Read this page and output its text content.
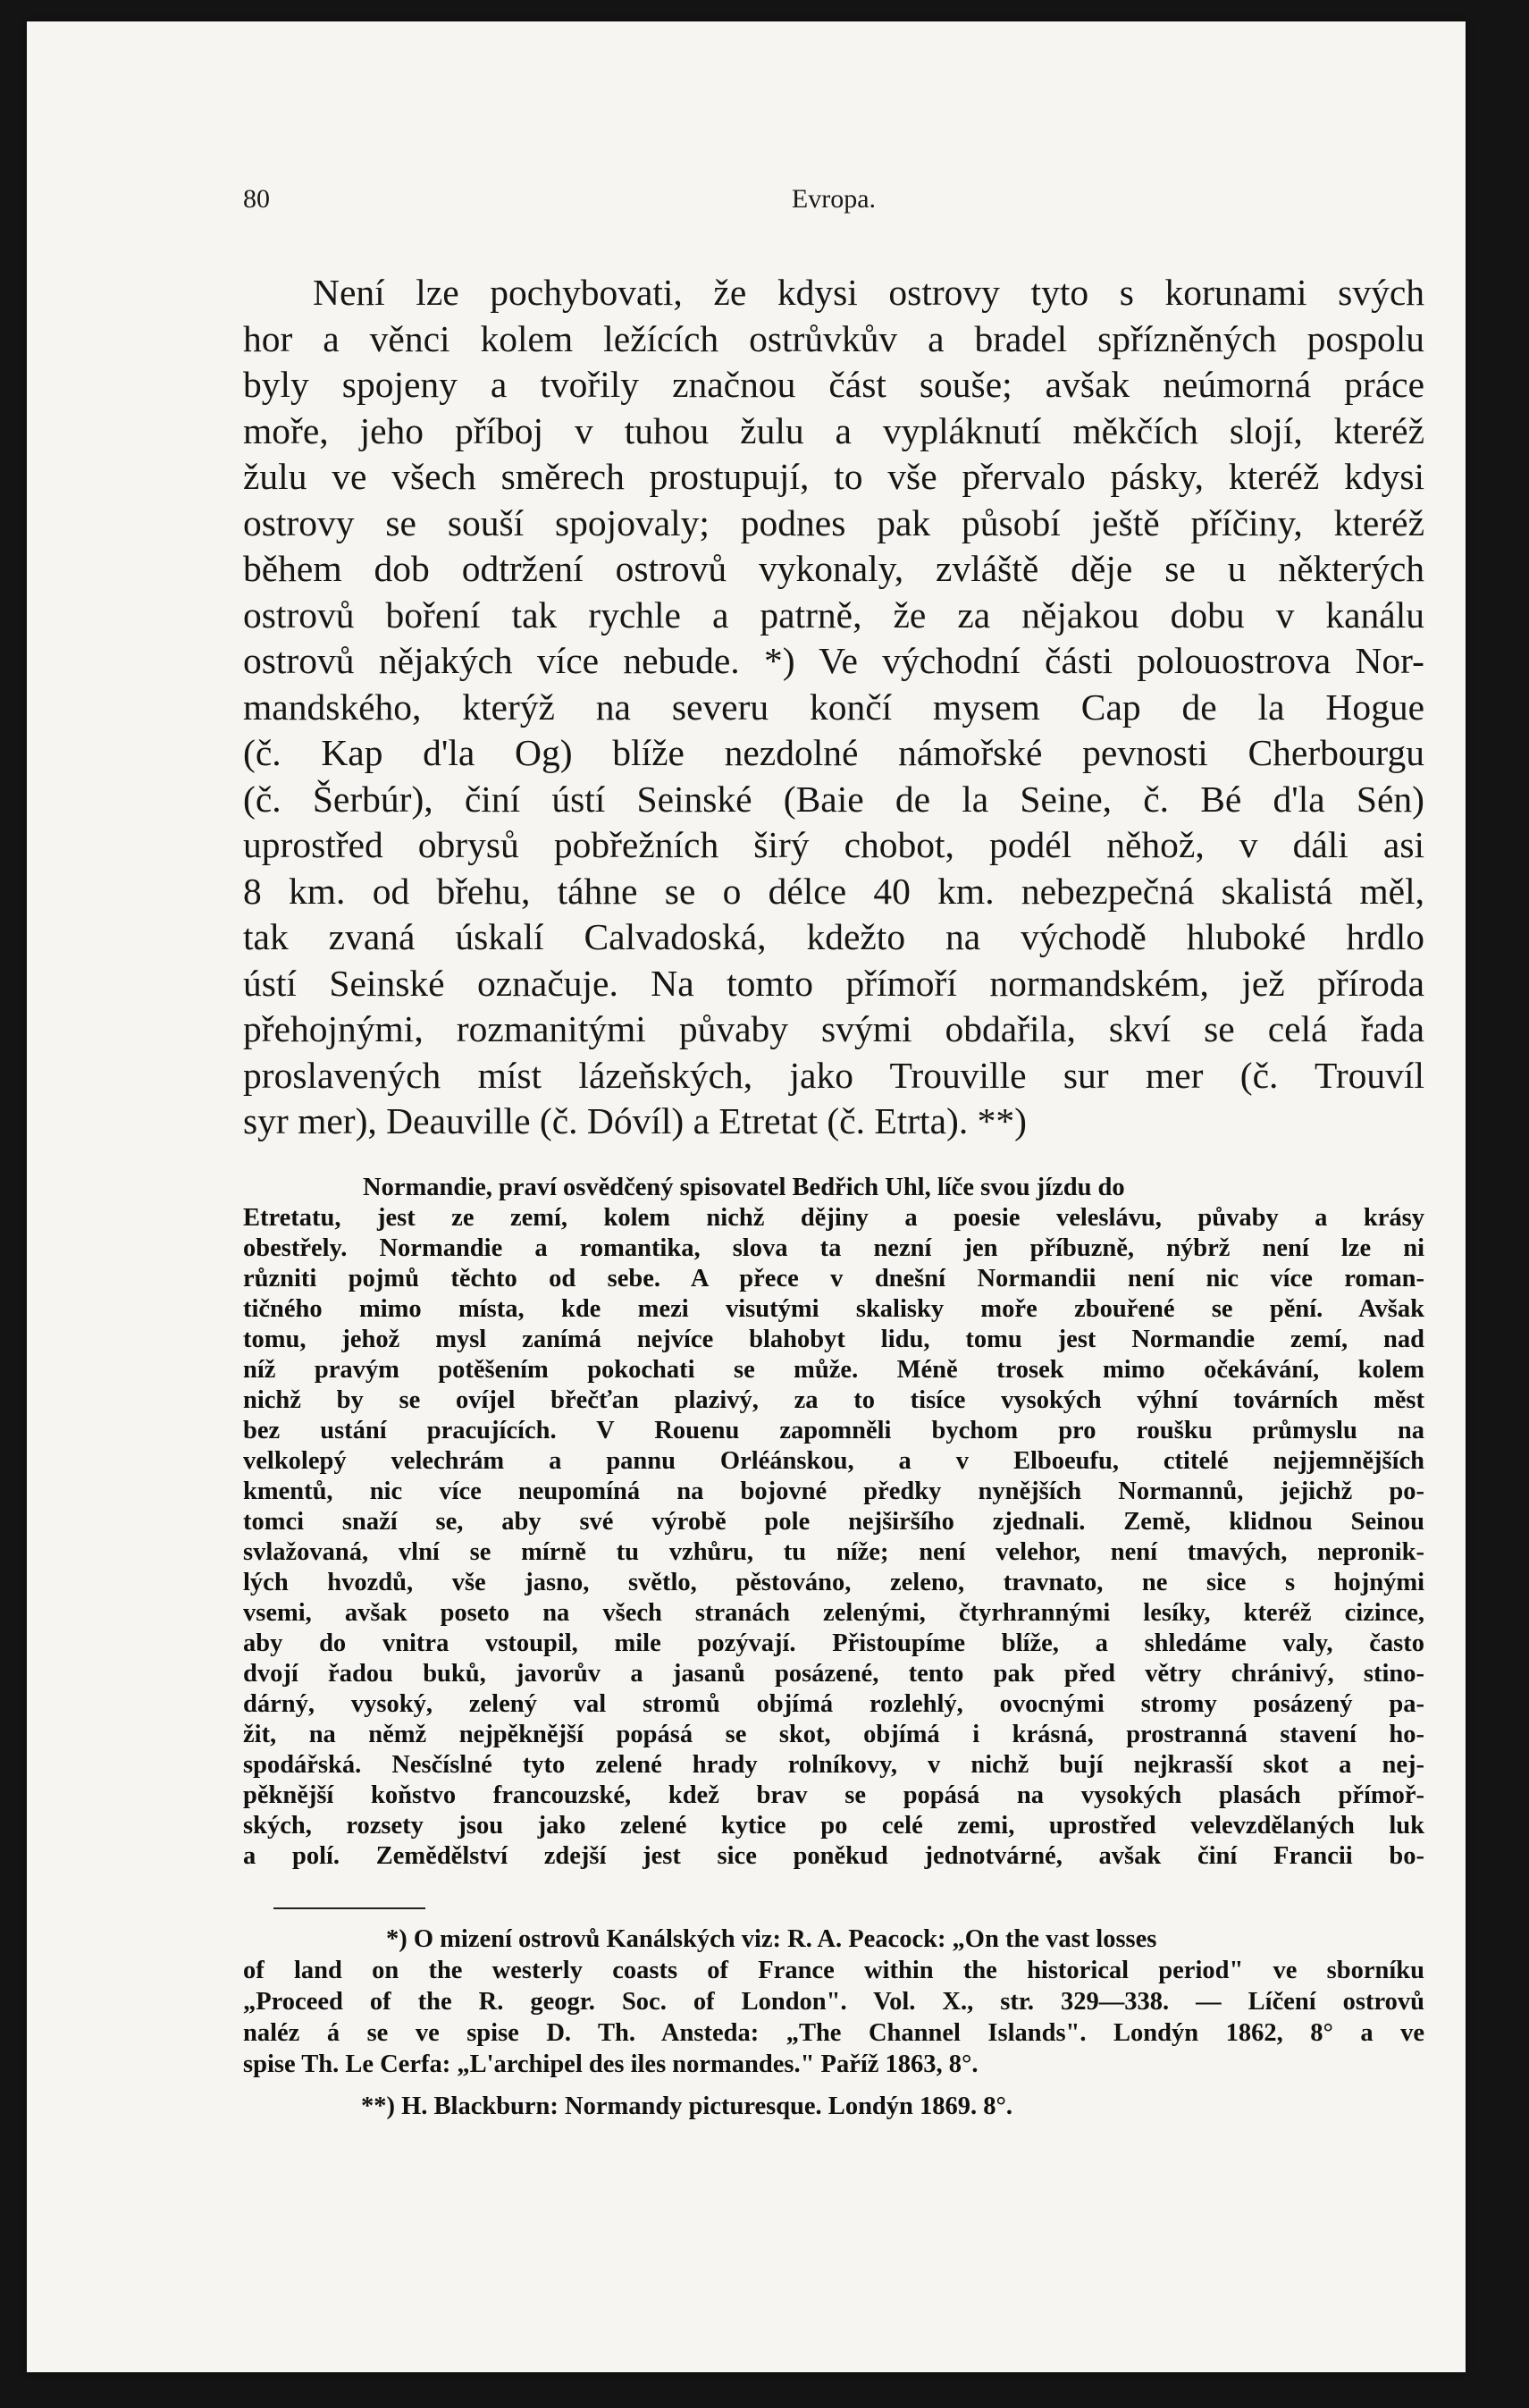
80	Evropa.
Není lze pochybovati, že kdysi ostrovy tyto s korunami svých
hor a věnci kolem ležících ostrůvkův a bradel spřízněných pospolu
byly spojeny a tvořily značnou část souše; avšak neúmorná práce
moře, jeho příboj v tuhou žulu a vypláknutí měkčích slojí, kteréž
žulu ve všech směrech prostupují, to vše přervalo pásky, kteréž kdysi
ostrovy se souší spojovaly; podnes pak působí ještě příčiny, kteréž
během dob odtržení ostrovů vykonaly, zvláště děje se u některých
ostrovů boření tak rychle a patrně, že za nějakou dobu v kanálu
ostrovů nějakých více nebude. *) Ve východní části polouostrova Nor-
mandského, kterýž na severu končí mysem Cap de la Hogue
(č. Kap d'la Og) blíže nezdolné námořské pevnosti Cherbourgu
(č. Šerbúr), činí ústí Seinské (Baie de la Seine, č. Bé d'la Sén)
uprostřed obrysů pobřežních širý chobot, podél něhož, v dáli asi
8 km. od břehu, táhne se o délce 40 km. nebezpečná skalistá měl,
tak zvaná úskalí Calvadoská, kdežto na východě hluboké hrdlo
ústí Seinské označuje. Na tomto přímoří normandském, jež příroda
přehojnými, rozmanitými půvaby svými obdařila, skví se celá řada
proslavených míst lázeňských, jako Trouville sur mer (č. Trouvíl
syr mer), Deauville (č. Dóvíl) a Etretat (č. Etrta). **)
Normandie, praví osvědčený spisovatel Bedřich Uhl, líče svou jízdu do
Etretatu, jest ze zemí, kolem nichž dějiny a poesie veleslávu, půvaby a krásy
obestřely. Normandie a romantika, slova ta nezní jen příbuzně, nýbrž není lze ni
různiti pojmů těchto od sebe. A přece v dnešní Normandii není nic více roman-
tičného mimo místa, kde mezi visutými skalisky moře zbouřené se pění. Avšak
tomu, jehož mysl zanímá nejvíce blahobyt lidu, tomu jest Normandie zemí, nad
níž pravým potěšením pokochati se může. Méně trosek mimo očekávání, kolem
nichž by se ovíjel břečťan plazivý, za to tisíce vysokých výhní továrních měst
bez ustání pracujících. V Rouenu zapomněli bychom pro roušku průmyslu na
velkolepý velechrám a pannu Orléánskou, a v Elboeufu, ctitelé nejjemnějších
kmentů, nic více neupomíná na bojovné předky nynějších Normannů, jejichž po-
tomci snaží se, aby své výrobě pole nejširšího zjednali. Země, klidnou Seinou
svlažovaná, vlní se mírně tu vzhůru, tu níže; není velehor, není tmavých, nepronik-
lých hvozdů, vše jasno, světlo, pěstováno, zeleno, travnato, ne sice s hojnými
vsemi, avšak poseto na všech stranách zelenými, čtyrhrannými lesíky, kteréž cizince,
aby do vnitra vstoupil, mile pozývají. Přistoupíme blíže, a shledáme valy, často
dvojí řadou buků, javorův a jasanů posázené, tento pak před větry chránivý, stino-
dárný, vysoký, zelený val stromů objímá rozlehlý, ovocnými stromy posázený pa-
žit, na němž nejpěknější popásá se skot, objímá i krásná, prostranná stavení ho-
spodářská. Nesčíslné tyto zelené hrady rolníkovy, v nichž bují nejkrasší skot a nej-
pěknější koňstvo francouzské, kdež brav se popásá na vysokých plasách přímoř-
ských, rozsety jsou jako zelené kytice po celé zemi, uprostřed velevzdělaných luk
a polí. Zemědělství zdejší jest sice poněkud jednotvárné, avšak činí Francii bo-
*) O mizení ostrovů Kanálských viz: R. A. Peacock: „On the vast losses
of land on the westerly coasts of France within the historical period" ve sborníku
„Proceed of the R. geogr. Soc. of London". Vol. X., str. 329—338. — Líčení ostrovů
naléz á se ve spise D. Th. Ansteda: „The Channel Islands". Londýn 1862, 8° a ve
spise Th. Le Cerfa: „L'archipel des iles normandes." Paříž 1863, 8°.
**) H. Blackburn: Normandy picturesque. Londýn 1869. 8°.
